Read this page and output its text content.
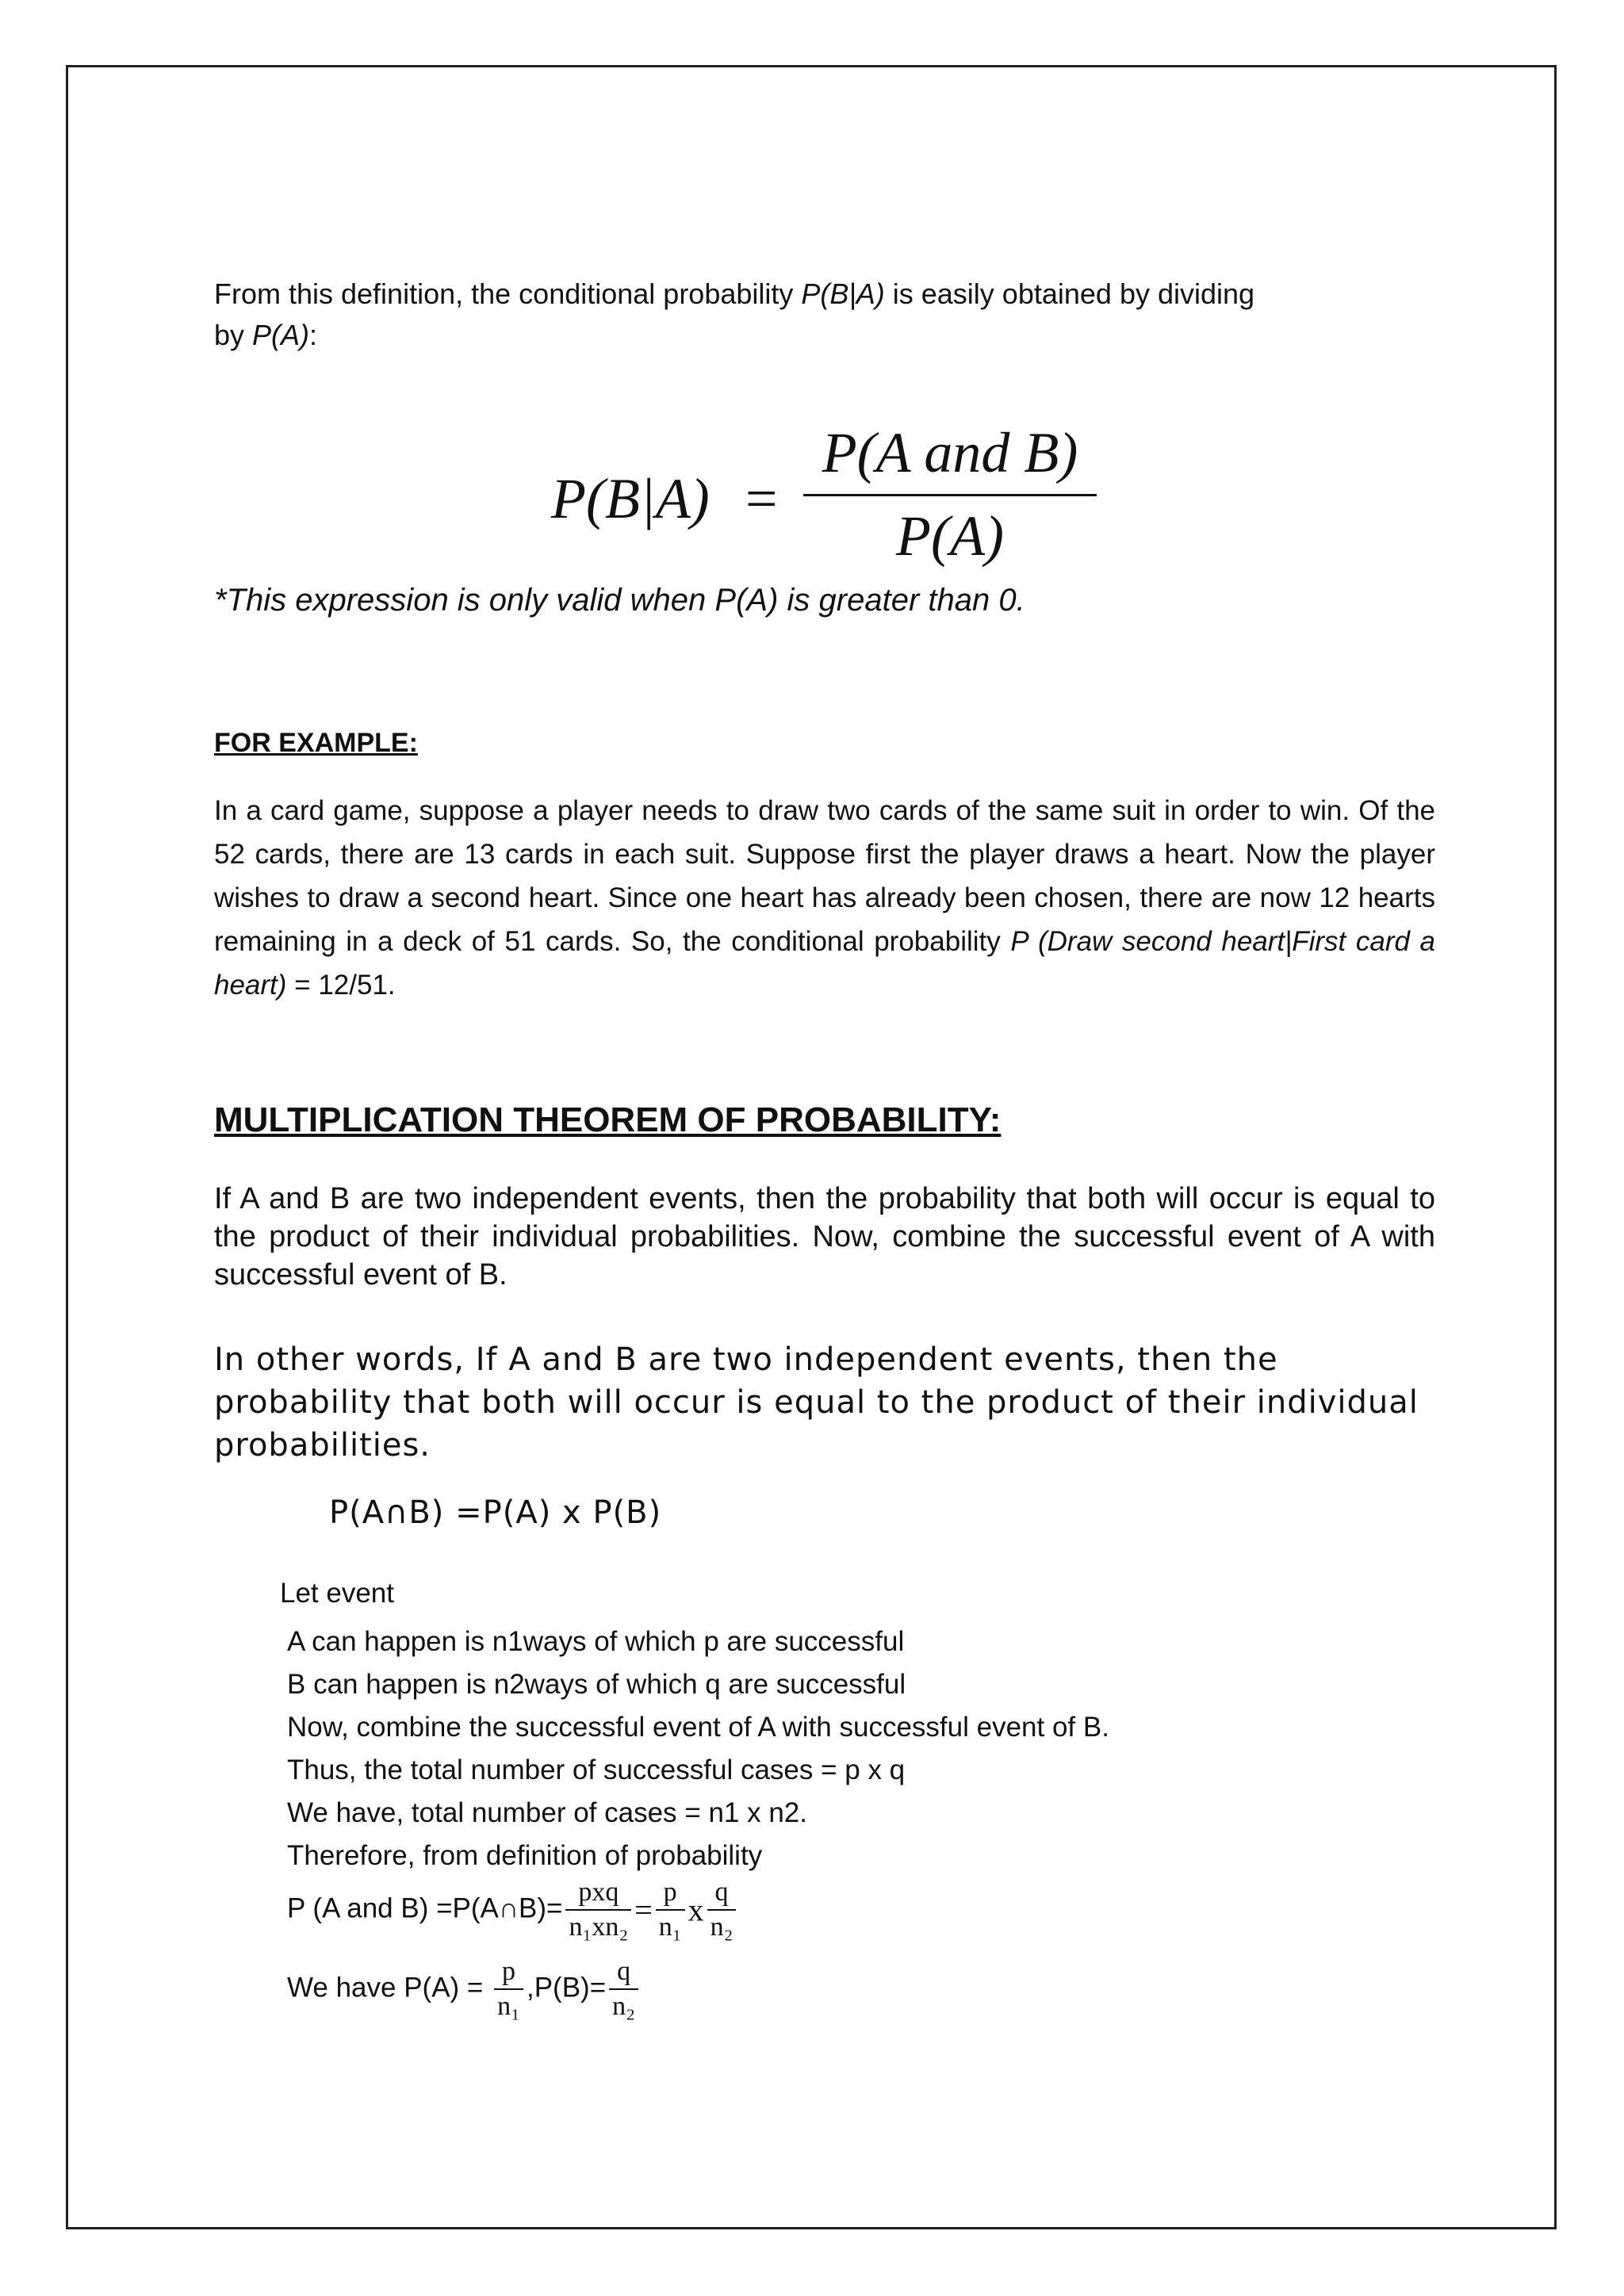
From this definition, the conditional probability P(B|A) is easily obtained by dividing
by P(A):
P(B|A) =
P(A and B)
P(A)
*This expression is only valid when P(A) is greater than 0.
FOR EXAMPLE:
In a card game, suppose a player needs to draw two cards of the same suit in order to win. Of the 52 cards, there are 13 cards in each suit. Suppose first the player draws a heart. Now the player wishes to draw a second heart. Since one heart has already been chosen, there are now 12 hearts remaining in a deck of 51 cards. So, the conditional probability P (Draw second heart|First card a heart) = 12/51.
MULTIPLICATION THEOREM OF PROBABILITY:
If A and B are two independent events, then the probability that both will occur is equal to the product of their individual probabilities. Now, combine the successful event of A with successful event of B.
In other words, If A and B are two independent events, then the probability that both will occur is equal to the product of their individual probabilities.
P(A∩B) =P(A) x P(B)
Let event
A can happen is n1ways of which p are successful
B can happen is n2ways of which q are successful
Now, combine the successful event of A with successful event of B.
Thus, the total number of successful cases = p x q
We have, total number of cases = n1 x n2.
Therefore, from definition of probability
P (A and B) =P(A∩B)= $\frac{\text{pxq}}{\text{n₁xn₂}} = \frac{p}{\text{n₁}}$ x $\frac{q}{\text{n₂}}$
We have $P(A) = \frac{p}{\text{n₁}} ,P(B)= \frac{q}{\text{n₂}}$
